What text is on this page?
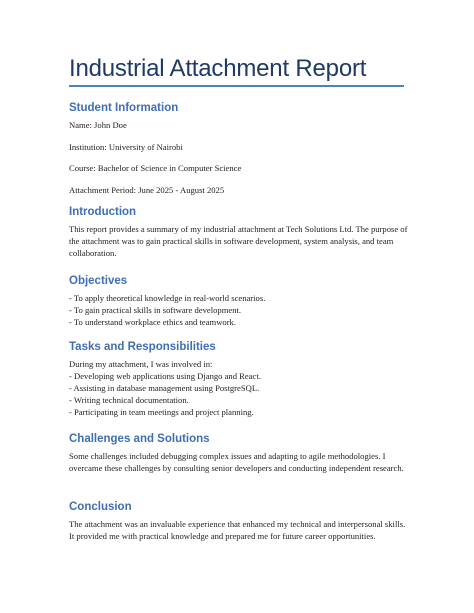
Industrial Attachment Report
Student Information
Name: John Doe
Institution: University of Nairobi
Course: Bachelor of Science in Computer Science
Attachment Period: June 2025 - August 2025
Introduction

This report provides a summary of my industrial attachment at Tech Solutions Ltd. The purpose of the attachment was to gain practical skills in software development, system analysis, and team collaboration.

Objectives
- To apply theoretical knowledge in real-world scenarios.
- To gain practical skills in software development.
- To understand workplace ethics and teamwork.
Tasks and Responsibilities
During my attachment, I was involved in:
- Developing web applications using Django and React.
- Assisting in database management using PostgreSQL.
- Writing technical documentation.
- Participating in team meetings and project planning.
Challenges and Solutions

Some challenges included debugging complex issues and adapting to agile methodologies. I overcame these challenges by consulting senior developers and conducting independent research.

Conclusion

The attachment was an invaluable experience that enhanced my technical and interpersonal skills. It provided me with practical knowledge and prepared me for future career opportunities.
